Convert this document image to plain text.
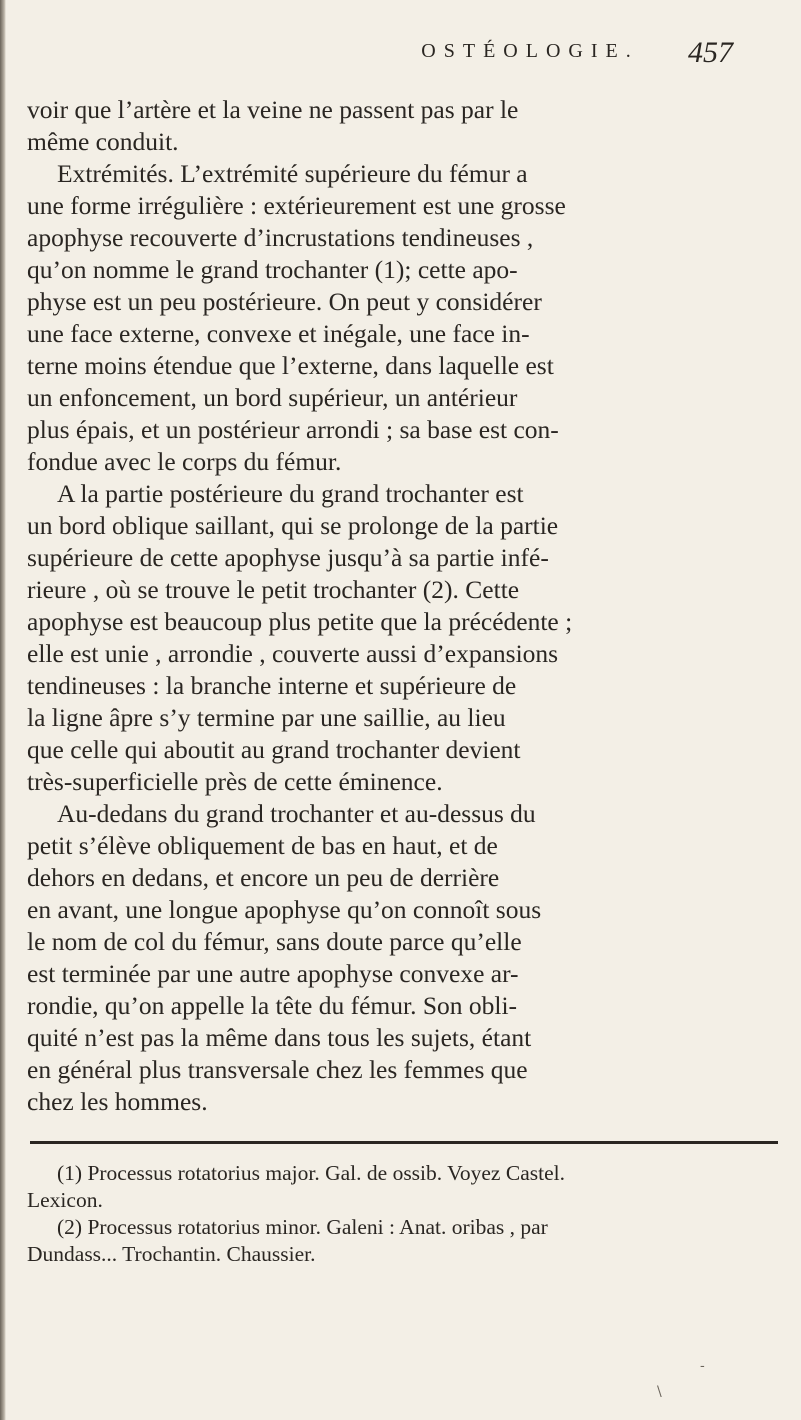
OSTÉOLOGIE. 457
voir que l’artère et la veine ne passent pas par le
même conduit.
Extrémités. L’extrémité supérieure du fémur a
une forme irrégulière : extérieurement est une grosse
apophyse recouverte d’incrustations tendineuses ,
qu’on nomme le grand trochanter (1); cette apo-
physe est un peu postérieure. On peut y considérer
une face externe, convexe et inégale, une face in-
terne moins étendue que l’externe, dans laquelle est
un enfoncement, un bord supérieur, un antérieur
plus épais, et un postérieur arrondi ; sa base est con-
fondue avec le corps du fémur.
A la partie postérieure du grand trochanter est
un bord oblique saillant, qui se prolonge de la partie
supérieure de cette apophyse jusqu’à sa partie infé-
rieure , où se trouve le petit trochanter (2). Cette
apophyse est beaucoup plus petite que la précédente ;
elle est unie , arrondie , couverte aussi d’expansions
tendineuses : la branche interne et supérieure de
la ligne âpre s’y termine par une saillie, au lieu
que celle qui aboutit au grand trochanter devient
très-superficielle près de cette éminence.
Au-dedans du grand trochanter et au-dessus du
petit s’élève obliquement de bas en haut, et de
dehors en dedans, et encore un peu de derrière
en avant, une longue apophyse qu’on connoît sous
le nom de col du fémur, sans doute parce qu’elle
est terminée par une autre apophyse convexe ar-
rondie, qu’on appelle la tête du fémur. Son obli-
quité n’est pas la même dans tous les sujets, étant
en général plus transversale chez les femmes que
chez les hommes.
(1) Processus rotatorius major. Gal. de ossib. Voyez Castel.
Lexicon.
(2) Processus rotatorius minor. Galeni : Anat. oribas , par
Dundass... Trochantin. Chaussier.
-
\
